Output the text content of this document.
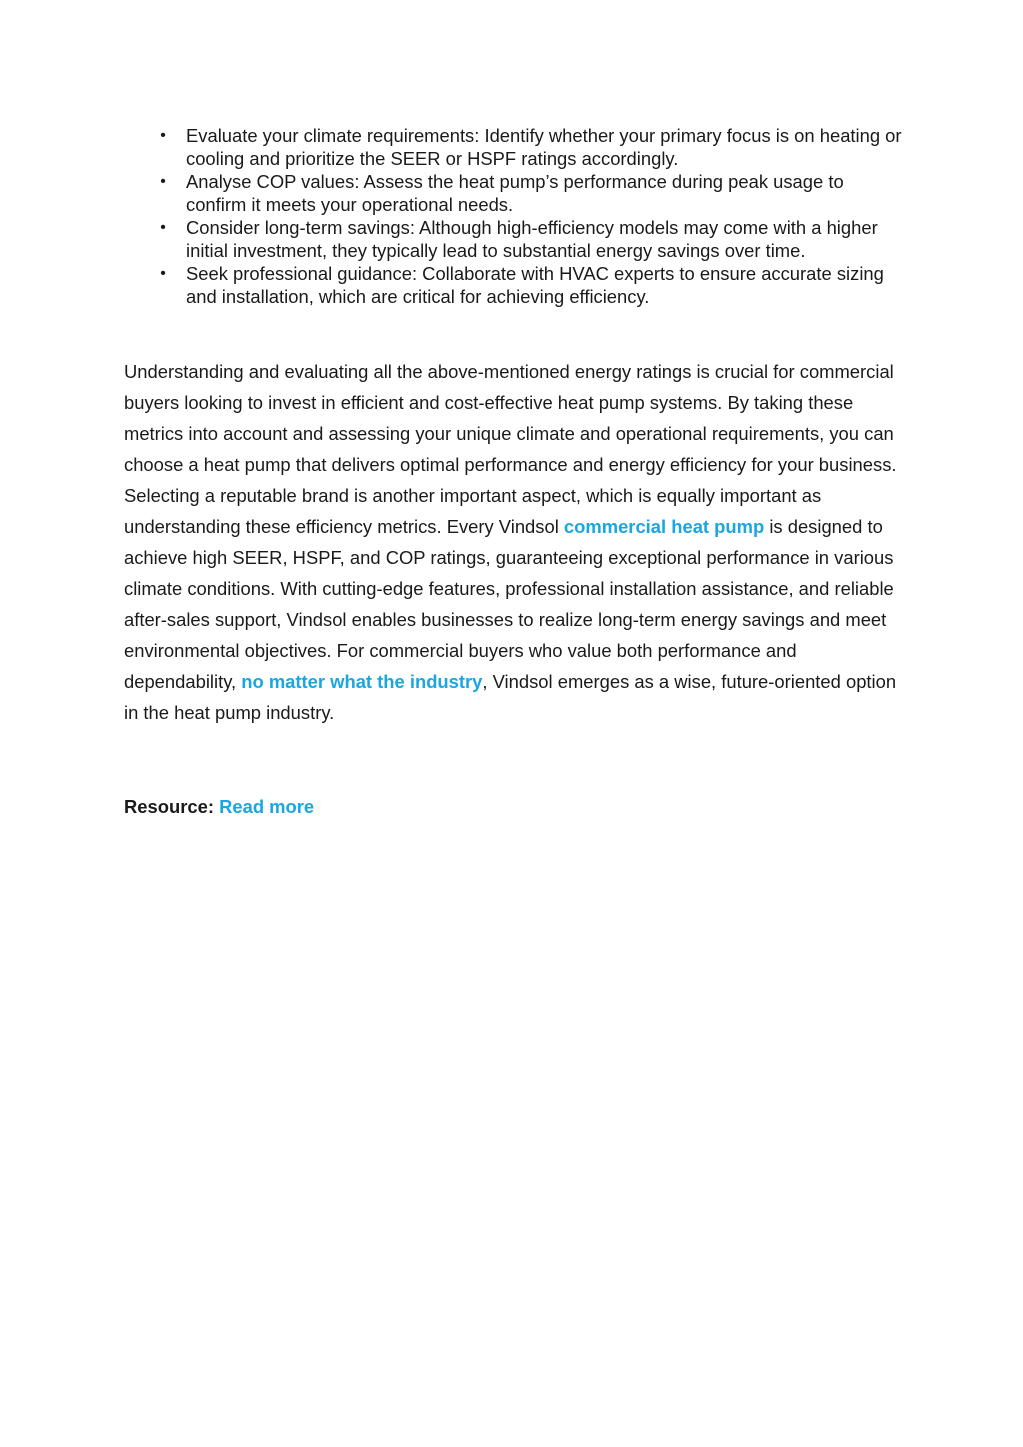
• Evaluate your climate requirements: Identify whether your primary focus is on heating or cooling and prioritize the SEER or HSPF ratings accordingly.
• Analyse COP values: Assess the heat pump’s performance during peak usage to confirm it meets your operational needs.
• Consider long-term savings: Although high-efficiency models may come with a higher initial investment, they typically lead to substantial energy savings over time.
• Seek professional guidance: Collaborate with HVAC experts to ensure accurate sizing and installation, which are critical for achieving efficiency.

Understanding and evaluating all the above-mentioned energy ratings is crucial for commercial buyers looking to invest in efficient and cost-effective heat pump systems. By taking these metrics into account and assessing your unique climate and operational requirements, you can choose a heat pump that delivers optimal performance and energy efficiency for your business. Selecting a reputable brand is another important aspect, which is equally important as understanding these efficiency metrics. Every Vindsol commercial heat pump is designed to achieve high SEER, HSPF, and COP ratings, guaranteeing exceptional performance in various climate conditions. With cutting-edge features, professional installation assistance, and reliable after-sales support, Vindsol enables businesses to realize long-term energy savings and meet environmental objectives. For commercial buyers who value both performance and dependability, no matter what the industry, Vindsol emerges as a wise, future-oriented option in the heat pump industry.

Resource: Read more
